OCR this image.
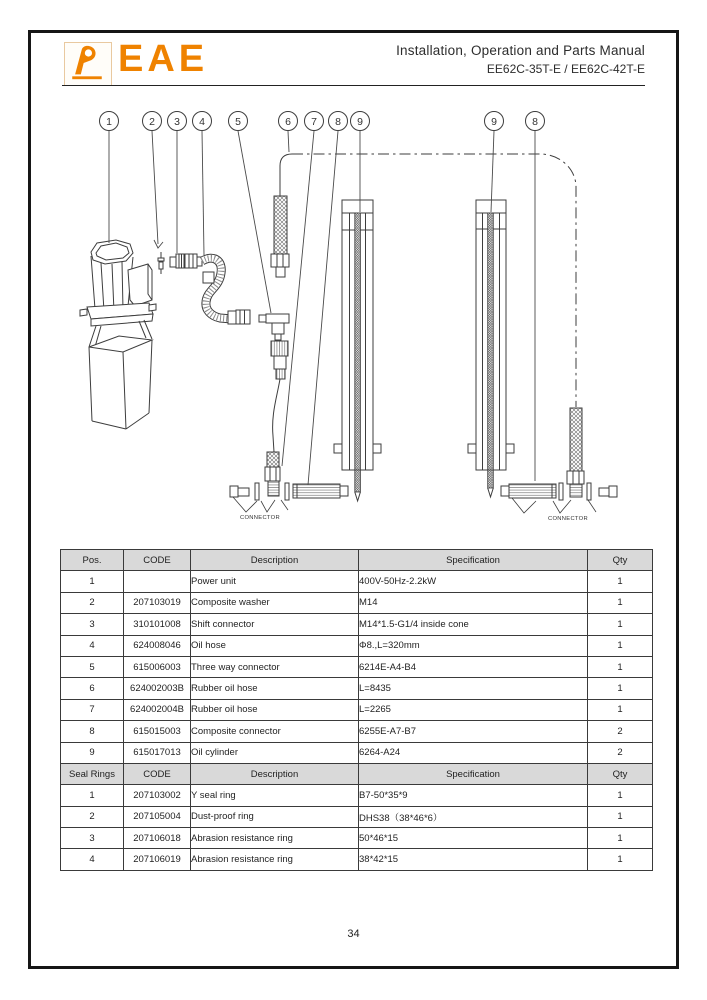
EAE	Installation, Operation and Parts Manual
EE62C-35T-E / EE62C-42T-E
CONNECTOR	CONNECTOR
1	2 3 4	5	6 7 8 9	9	8
Pos.	CODE	Description	Specification	Qty
1		Power unit	400V-50Hz-2.2kW	1
2	207103019	Composite washer	M14	1
3	310101008	Shift connector	M14*1.5-G1/4 inside cone	1
4	624008046	Oil hose	Φ8.,L=320mm	1
5	615006003	Three way connector	6214E-A4-B4	1
6	624002003B	Rubber oil hose	L=8435	1
7	624002004B	Rubber oil hose	L=2265	1
8	615015003	Composite connector	6255E-A7-B7	2
9	615017013	Oil cylinder	6264-A24	2
Seal Rings	CODE	Description	Specification	Qty
1	207103002	Y seal ring	B7-50*35*9	1
2	207105004	Dust-proof ring	DHS38（38*46*6）	1
3	207106018	Abrasion resistance ring	50*46*15	1
4	207106019	Abrasion resistance ring	38*42*15	1
34
